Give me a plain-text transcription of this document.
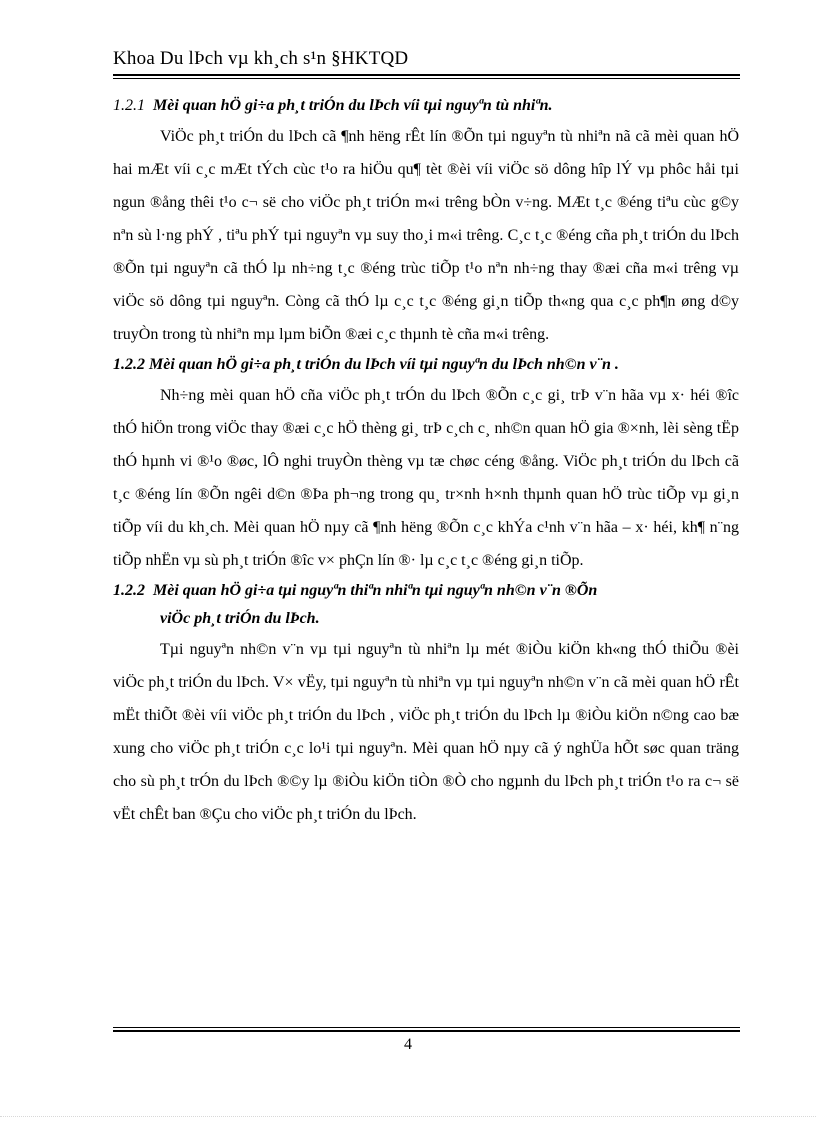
Khoa Du lÞch vµ kh¸ch s¹n §HKTQD

1.2.1 Mèi quan hÖ gi÷a ph¸t triÓn du lÞch víi tµi nguyªn tù nhiªn.

ViÖc ph¸t triÓn du lÞch cã ¶nh hëng rÊt lín ®Õn tµi nguyªn tù nhiªn nã cã mèi quan hÖ hai mÆt víi c¸c mÆt tÝch cùc t¹o ra hiÖu qu¶ tèt ®èi víi viÖc sö dông hîp lÝ vµ phôc håi tµi ngun ®ång thêi t¹o c¬ së cho viÖc ph¸t triÓn m«i trêng bÒn v÷ng. MÆt t¸c ®éng tiªu cùc g©y nªn sù l·ng phÝ , tiªu phÝ tµi nguyªn vµ suy tho¸i m«i trêng. C¸c t¸c ®éng cña ph¸t triÓn du lÞch ®Õn tµi nguyªn cã thÓ lµ nh÷ng t¸c ®éng trùc tiÕp t¹o nªn nh÷ng thay ®æi cña m«i trêng vµ viÖc sö dông tµi nguyªn. Còng cã thÓ lµ c¸c t¸c ®éng gi¸n tiÕp th«ng qua c¸c ph¶n øng d©y truyÒn trong tù nhiªn mµ lµm biÕn ®æi c¸c thµnh tè cña m«i trêng.

1.2.2 Mèi quan hÖ gi÷a ph¸t triÓn du lÞch víi tµi nguyªn du lÞch nh©n v¨n .

Nh÷ng mèi quan hÖ cña viÖc ph¸t trÓn du lÞch ®Õn c¸c gi¸ trÞ v¨n hãa vµ x· héi ®îc thÓ hiÖn trong viÖc thay ®æi c¸c hÖ thèng gi¸ trÞ c¸ch c¸ nh©n quan hÖ gia ®×nh, lèi sèng tËp thÓ hµnh vi ®¹o ®øc, lÔ nghi truyÒn thèng vµ tæ chøc céng ®ång. ViÖc ph¸t triÓn du lÞch cã t¸c ®éng lín ®Õn ngêi d©n ®Þa ph¬ng trong qu¸ tr×nh h×nh thµnh quan hÖ trùc tiÕp vµ gi¸n tiÕp víi du kh¸ch. Mèi quan hÖ nµy cã ¶nh hëng ®Õn c¸c khÝa c¹nh v¨n hãa – x· héi, kh¶ n¨ng tiÕp nhËn vµ sù ph¸t triÓn ®îc v× phÇn lín ®· lµ c¸c t¸c ®éng gi¸n tiÕp.

1.2.2 Mèi quan hÖ gi÷a tµi nguyªn thiªn nhiªn tµi nguyªn nh©n v¨n ®Õn
viÖc ph¸t triÓn du lÞch.

Tµi nguyªn nh©n v¨n vµ tµi nguyªn tù nhiªn lµ mét ®iÒu kiÖn kh«ng thÓ thiÕu ®èi viÖc ph¸t triÓn du lÞch. V× vËy, tµi nguyªn tù nhiªn vµ tµi nguyªn nh©n v¨n cã mèi quan hÖ rÊt mËt thiÕt ®èi víi viÖc ph¸t triÓn du lÞch , viÖc ph¸t triÓn du lÞch lµ ®iÒu kiÖn n©ng cao bæ xung cho viÖc ph¸t triÓn c¸c lo¹i tµi nguyªn. Mèi quan hÖ nµy cã ý nghÜa hÕt søc quan träng cho sù ph¸t trÓn du lÞch ®©y lµ ®iÒu kiÖn tiÒn ®Ò cho ngµnh du lÞch ph¸t triÓn t¹o ra c¬ së vËt chÊt ban ®Çu cho viÖc ph¸t triÓn du lÞch.

4
